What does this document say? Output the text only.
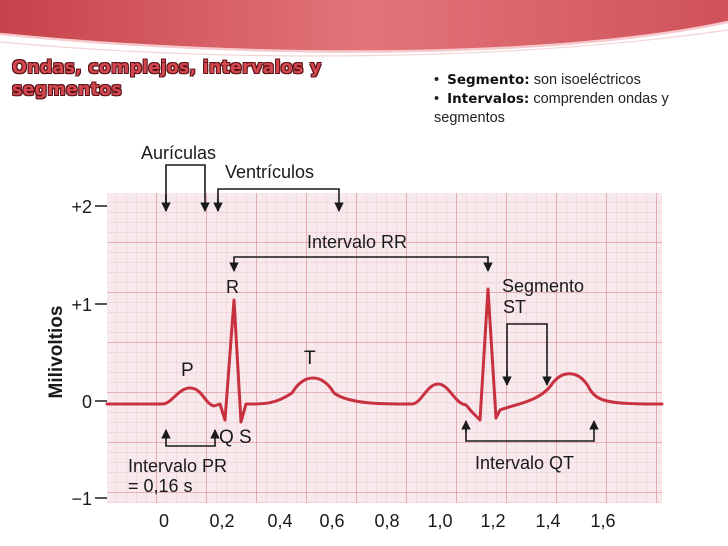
Ondas, complejos, intervalos y segmentos	•  Segmento: son isoeléctricos
•  Intervalos: comprenden ondas y segmentos
Milivoltios
+2
+1
0
−1
0 0,2 0,4 0,6 0,8 1,0 1,2 1,4 1,6
Aurículas
Ventrículos
Intervalo RR
R
P
T
Q S
Segmento
ST
Intervalo PR
= 0,16 s
Intervalo QT
